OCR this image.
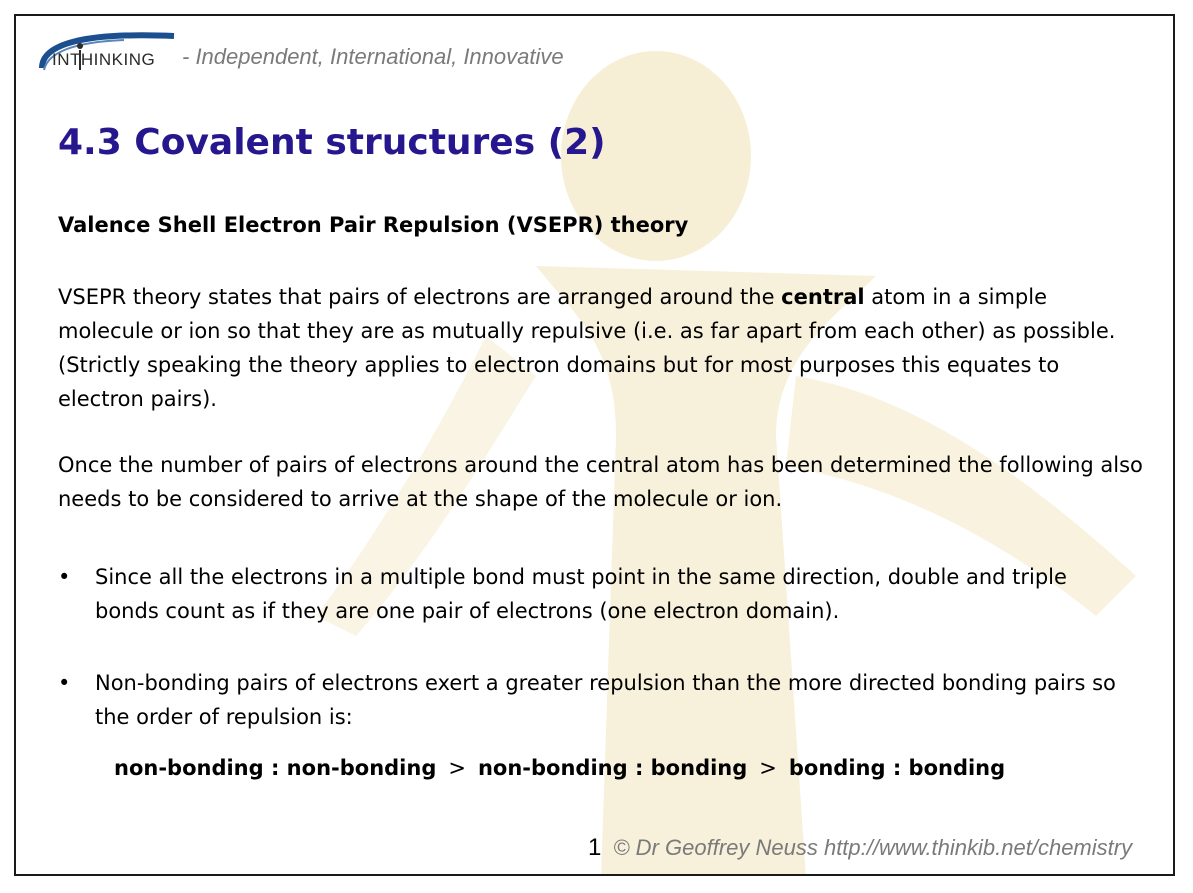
INTHINKING - Independent, International, Innovative
4.3 Covalent structures (2)
Valence Shell Electron Pair Repulsion (VSEPR) theory
VSEPR theory states that pairs of electrons are arranged around the central atom in a simple molecule or ion so that they are as mutually repulsive (i.e. as far apart from each other) as possible. (Strictly speaking the theory applies to electron domains but for most purposes this equates to electron pairs).
Once the number of pairs of electrons around the central atom has been determined the following also needs to be considered to arrive at the shape of the molecule or ion.
• Since all the electrons in a multiple bond must point in the same direction, double and triple bonds count as if they are one pair of electrons (one electron domain).
• Non-bonding pairs of electrons exert a greater repulsion than the more directed bonding pairs so the order of repulsion is:
non-bonding : non-bonding > non-bonding : bonding > bonding : bonding
1 © Dr Geoffrey Neuss http://www.thinkib.net/chemistry
